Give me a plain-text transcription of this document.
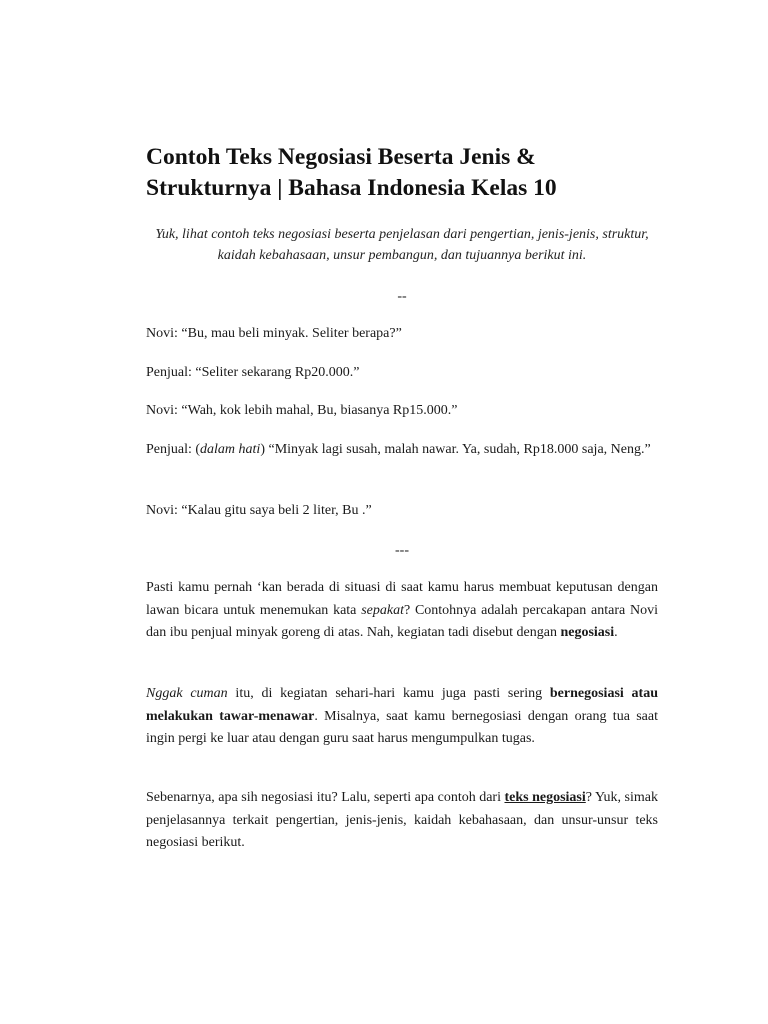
Contoh Teks Negosiasi Beserta Jenis & Strukturnya | Bahasa Indonesia Kelas 10

Yuk, lihat contoh teks negosiasi beserta penjelasan dari pengertian, jenis-jenis, struktur, kaidah kebahasaan, unsur pembangun, dan tujuannya berikut ini.

--

Novi: “Bu, mau beli minyak. Seliter berapa?”

Penjual: “Seliter sekarang Rp20.000.”

Novi: “Wah, kok lebih mahal, Bu, biasanya Rp15.000.”

Penjual: (dalam hati) “Minyak lagi susah, malah nawar. Ya, sudah, Rp18.000 saja, Neng.”

Novi: “Kalau gitu saya beli 2 liter, Bu .”

---

Pasti kamu pernah ‘kan berada di situasi di saat kamu harus membuat keputusan dengan lawan bicara untuk menemukan kata sepakat? Contohnya adalah percakapan antara Novi dan ibu penjual minyak goreng di atas. Nah, kegiatan tadi disebut dengan negosiasi.

Nggak cuman itu, di kegiatan sehari-hari kamu juga pasti sering bernegosiasi atau melakukan tawar-menawar. Misalnya, saat kamu bernegosiasi dengan orang tua saat ingin pergi ke luar atau dengan guru saat harus mengumpulkan tugas.

Sebenarnya, apa sih negosiasi itu? Lalu, seperti apa contoh dari teks negosiasi? Yuk, simak penjelasannya terkait pengertian, jenis-jenis, kaidah kebahasaan, dan unsur-unsur teks negosiasi berikut.
